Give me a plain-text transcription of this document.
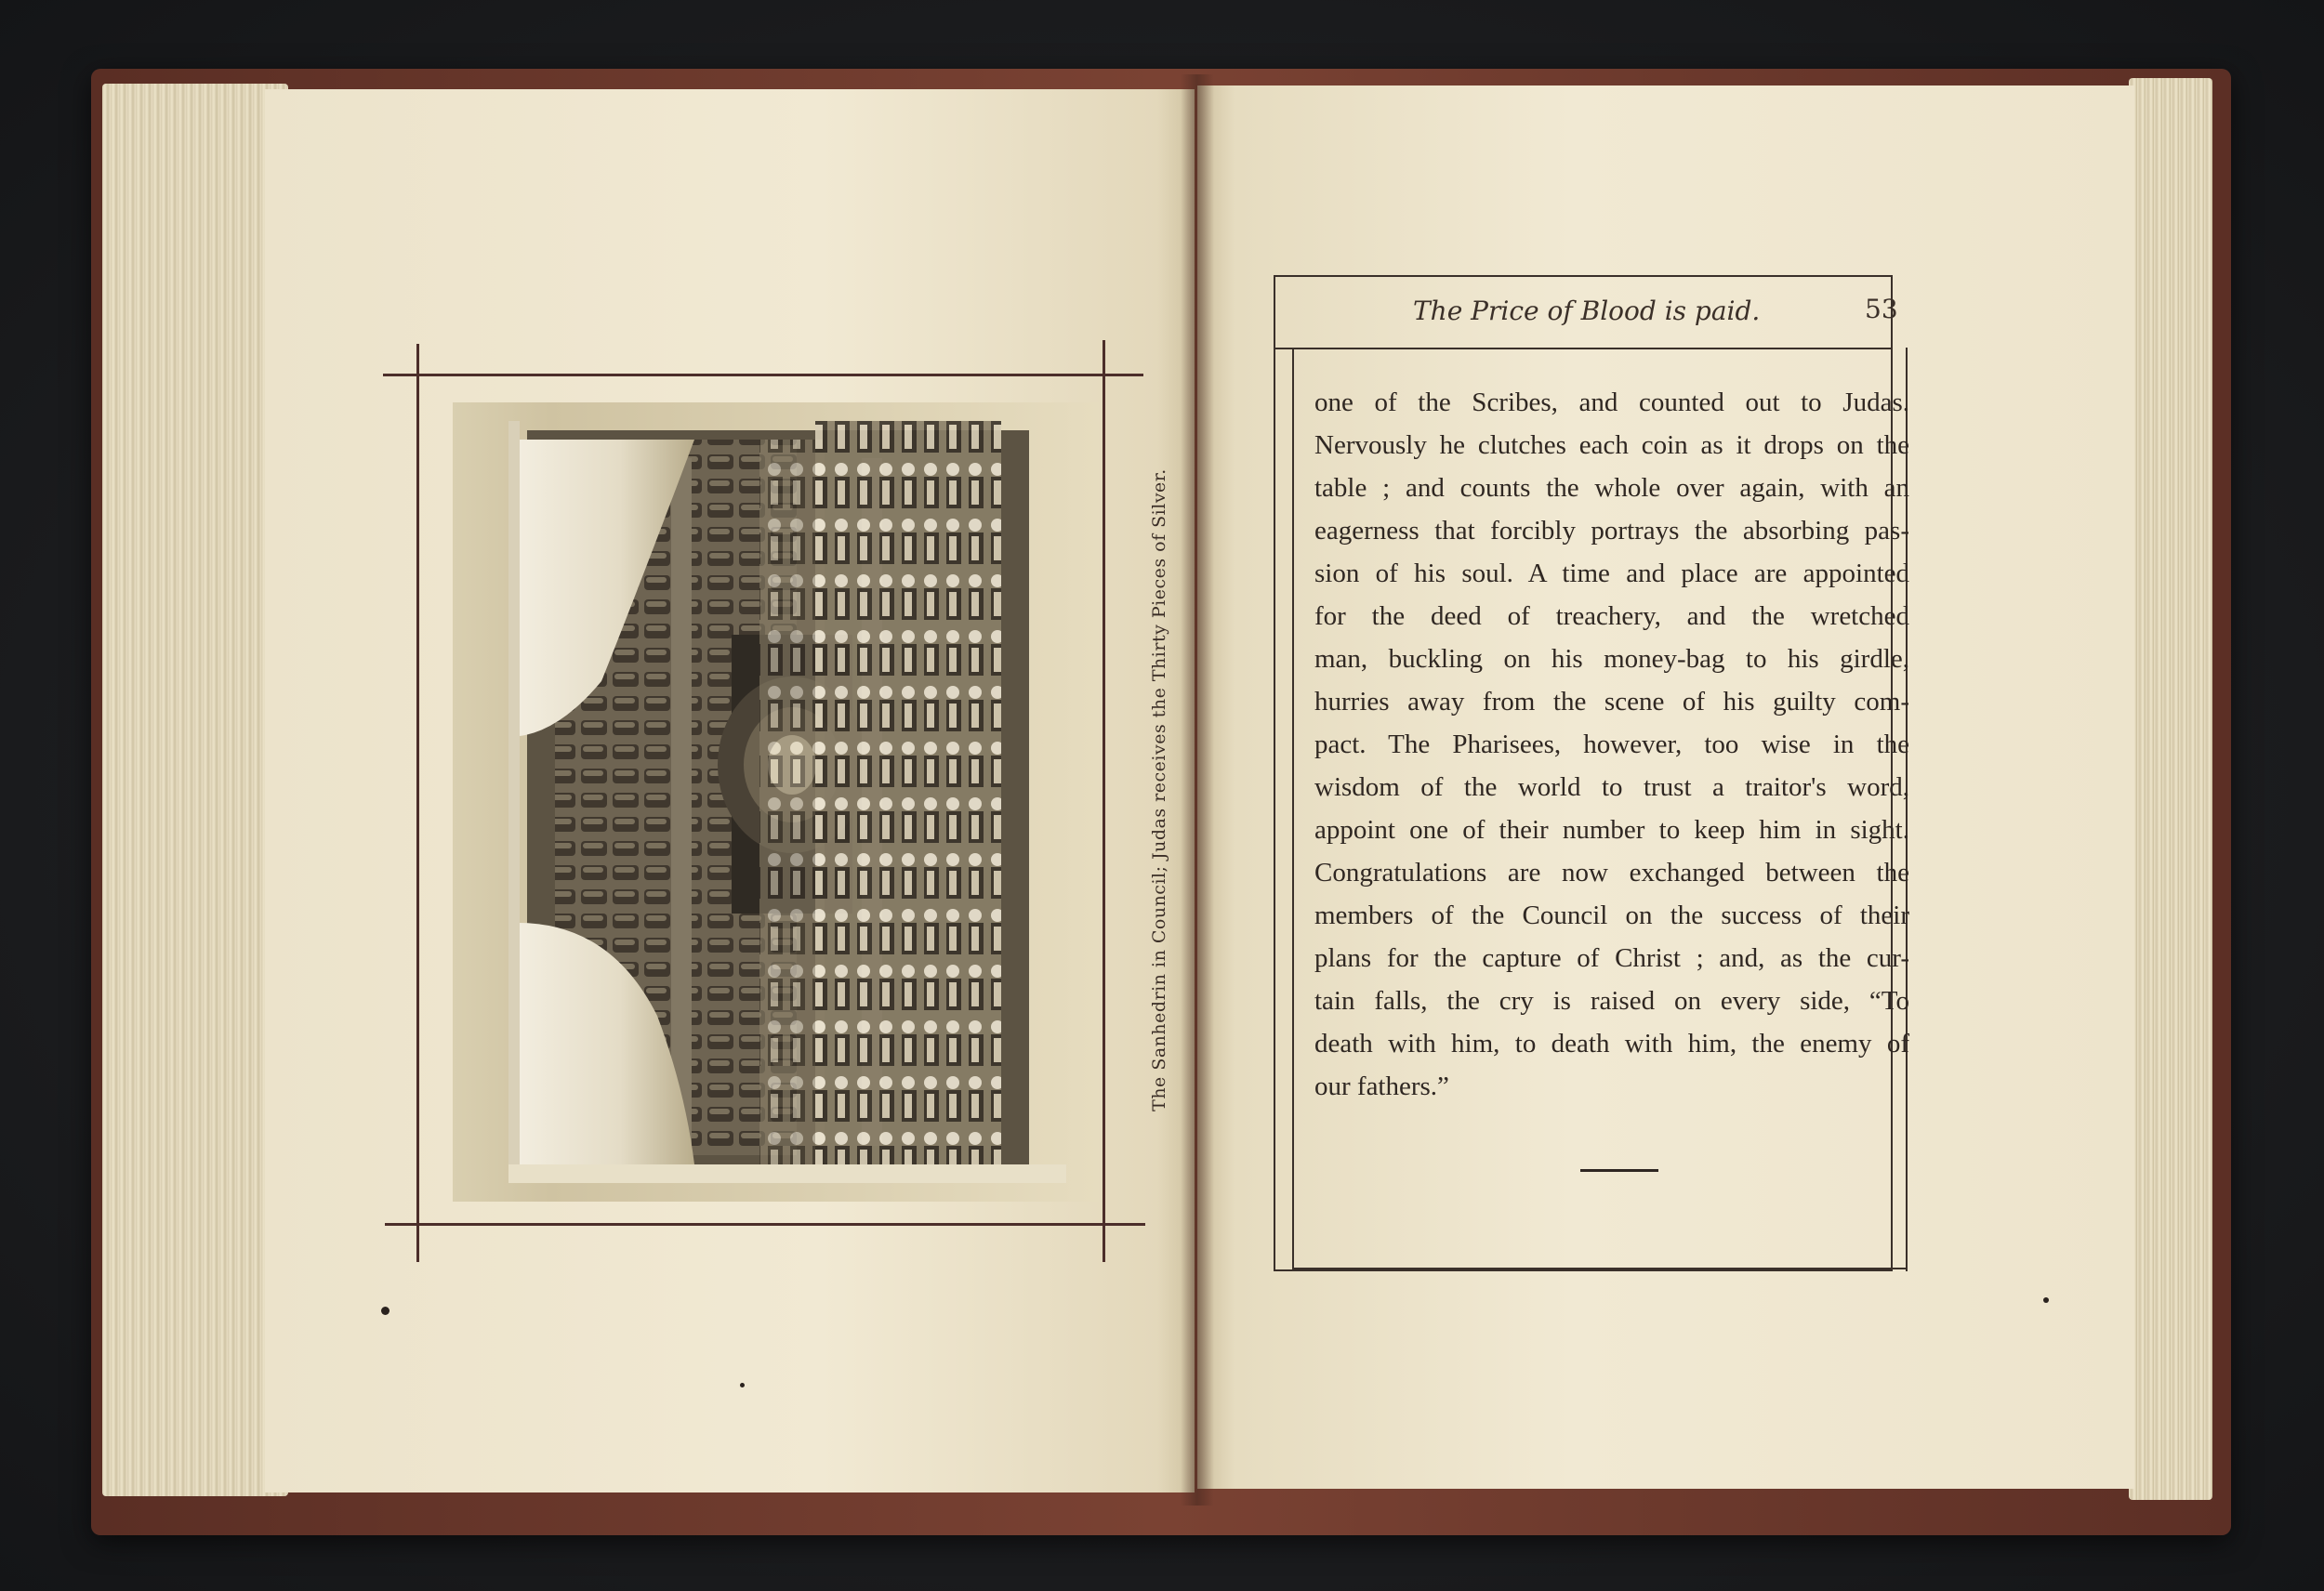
The Sanhedrin in Council; Judas receives the Thirty Pieces of Silver.
The Price of Blood is paid.	53
one of the Scribes, and counted out to Judas.
Nervously he clutches each coin as it drops on the
table ; and counts the whole over again, with an
eagerness that forcibly portrays the absorbing pas-
sion of his soul. A time and place are appointed
for the deed of treachery, and the wretched
man, buckling on his money-bag to his girdle,
hurries away from the scene of his guilty com-
pact. The Pharisees, however, too wise in the
wisdom of the world to trust a traitor's word,
appoint one of their number to keep him in sight.
Congratulations are now exchanged between the
members of the Council on the success of their
plans for the capture of Christ ; and, as the cur-
tain falls, the cry is raised on every side, “To
death with him, to death with him, the enemy of
our fathers.”
